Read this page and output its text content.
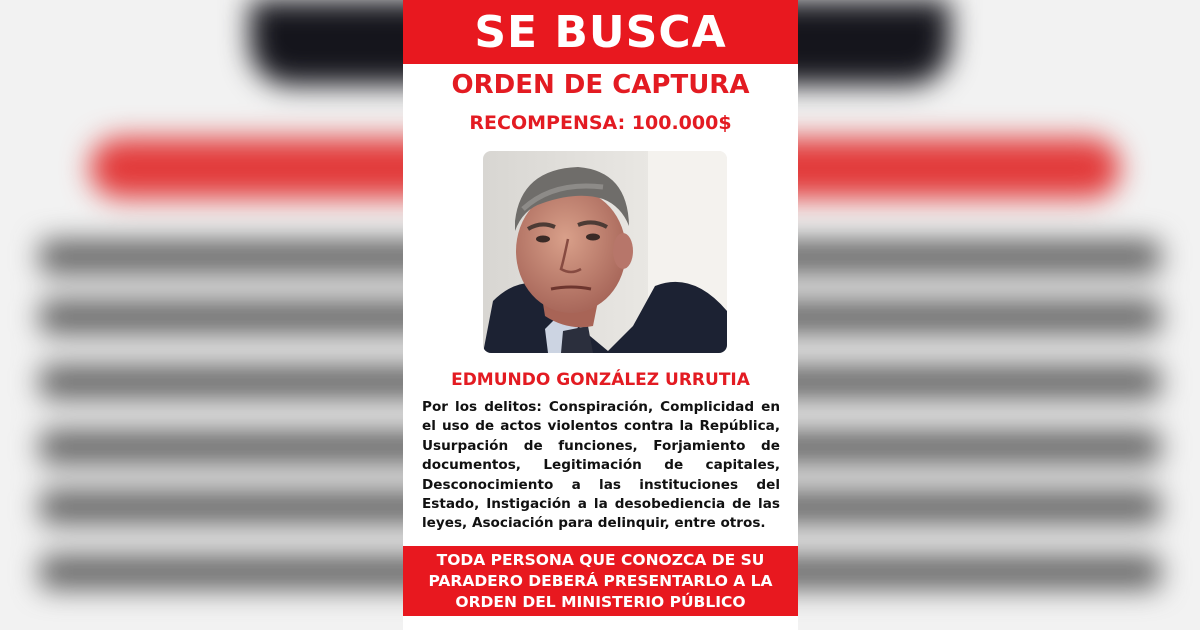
SE BUSCA
ORDEN DE CAPTURA
RECOMPENSA: 100.000$
EDMUNDO GONZÁLEZ URRUTIA
Por los delitos: Conspiración, Complicidad en el uso de actos violentos contra la República, Usurpación de funciones, Forjamiento de documentos, Legitimación de capitales, Desconocimiento a las instituciones del Estado, Instigación a la desobediencia de las leyes, Asociación para delinquir, entre otros.
TODA PERSONA QUE CONOZCA DE SU PARADERO DEBERÁ PRESENTARLO A LA ORDEN DEL MINISTERIO PÚBLICO
